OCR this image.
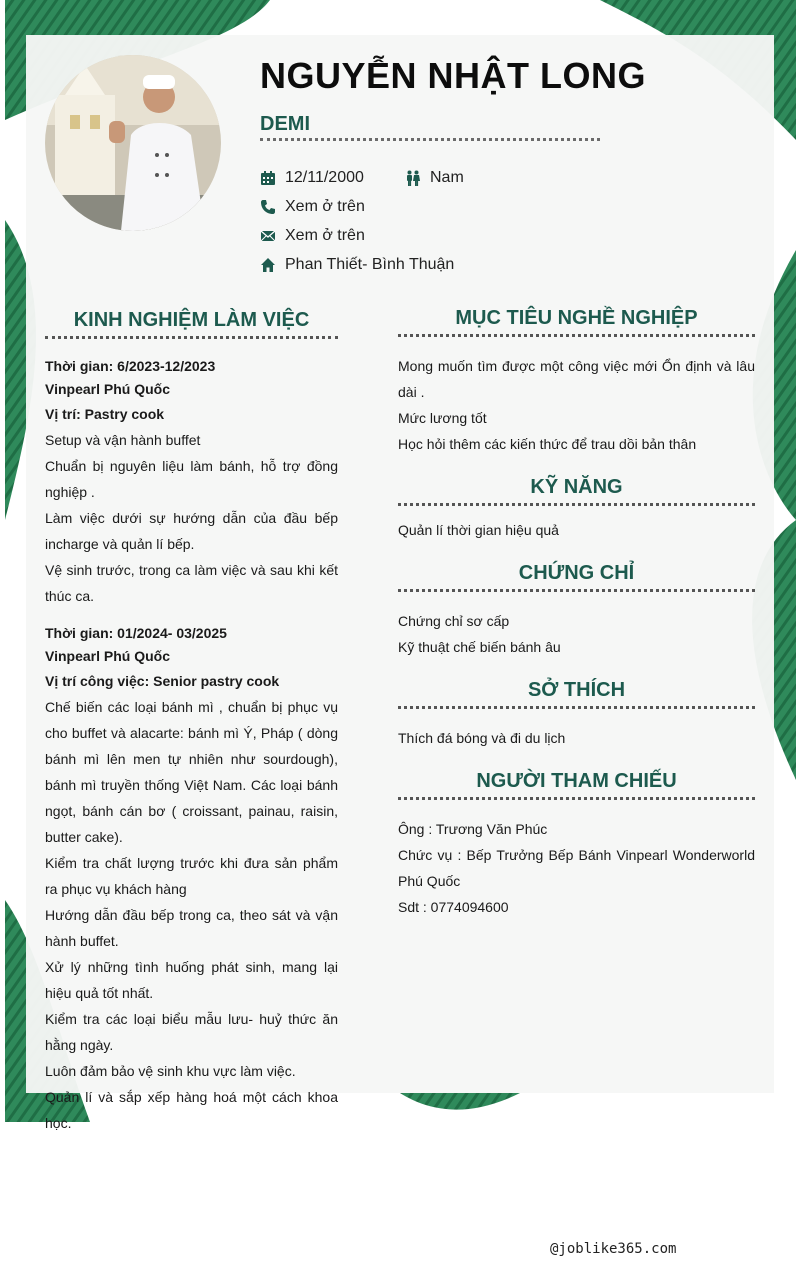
NGUYỄN NHẬT LONG
DEMI
12/11/2000	Nam
Xem ở trên
Xem ở trên
Phan Thiết- Bình Thuận
KINH NGHIỆM LÀM VIỆC

Thời gian: 6/2023-12/2023

Vinpearl Phú Quốc

Vị trí: Pastry cook

Setup và vận hành buffet

Chuẩn bị nguyên liệu làm bánh, hỗ trợ đồng nghiệp .

Làm việc dưới sự hướng dẫn của đầu bếp incharge và quản lí bếp.

Vệ sinh trước, trong ca làm việc và sau khi kết thúc ca.

Thời gian: 01/2024- 03/2025

Vinpearl Phú Quốc

Vị trí công việc: Senior pastry cook

Chế biến các loại bánh mì , chuẩn bị phục vụ cho buffet và alacarte: bánh mì Ý, Pháp ( dòng bánh mì lên men tự nhiên như sourdough), bánh mì truyền thống Việt Nam. Các loại bánh ngọt, bánh cán bơ ( croissant, painau, raisin, butter cake).

Kiểm tra chất lượng trước khi đưa sản phẩm ra phục vụ khách hàng

Hướng dẫn đầu bếp trong ca, theo sát và vận hành buffet.

Xử lý những tình huống phát sinh, mang lại hiệu quả tốt nhất.

Kiểm tra các loại biểu mẫu lưu- huỷ thức ăn hằng ngày.

Luôn đảm bảo vệ sinh khu vực làm việc.

Quản lí và sắp xếp hàng hoá một cách khoa học.

MỤC TIÊU NGHỀ NGHIỆP

Mong muốn tìm được một công việc mới Ổn định và lâu dài .

Mức lương tốt

Học hỏi thêm các kiến thức để trau dồi bản thân

KỸ NĂNG

Quản lí thời gian hiệu quả

CHỨNG CHỈ

Chứng chỉ sơ cấp

Kỹ thuật chế biến bánh âu

SỞ THÍCH

Thích đá bóng và đi du lịch

NGƯỜI THAM CHIẾU

Ông : Trương Văn Phúc

Chức vụ : Bếp Trưởng Bếp Bánh Vinpearl Wonderworld Phú Quốc

Sdt : 0774094600

@joblike365.com
